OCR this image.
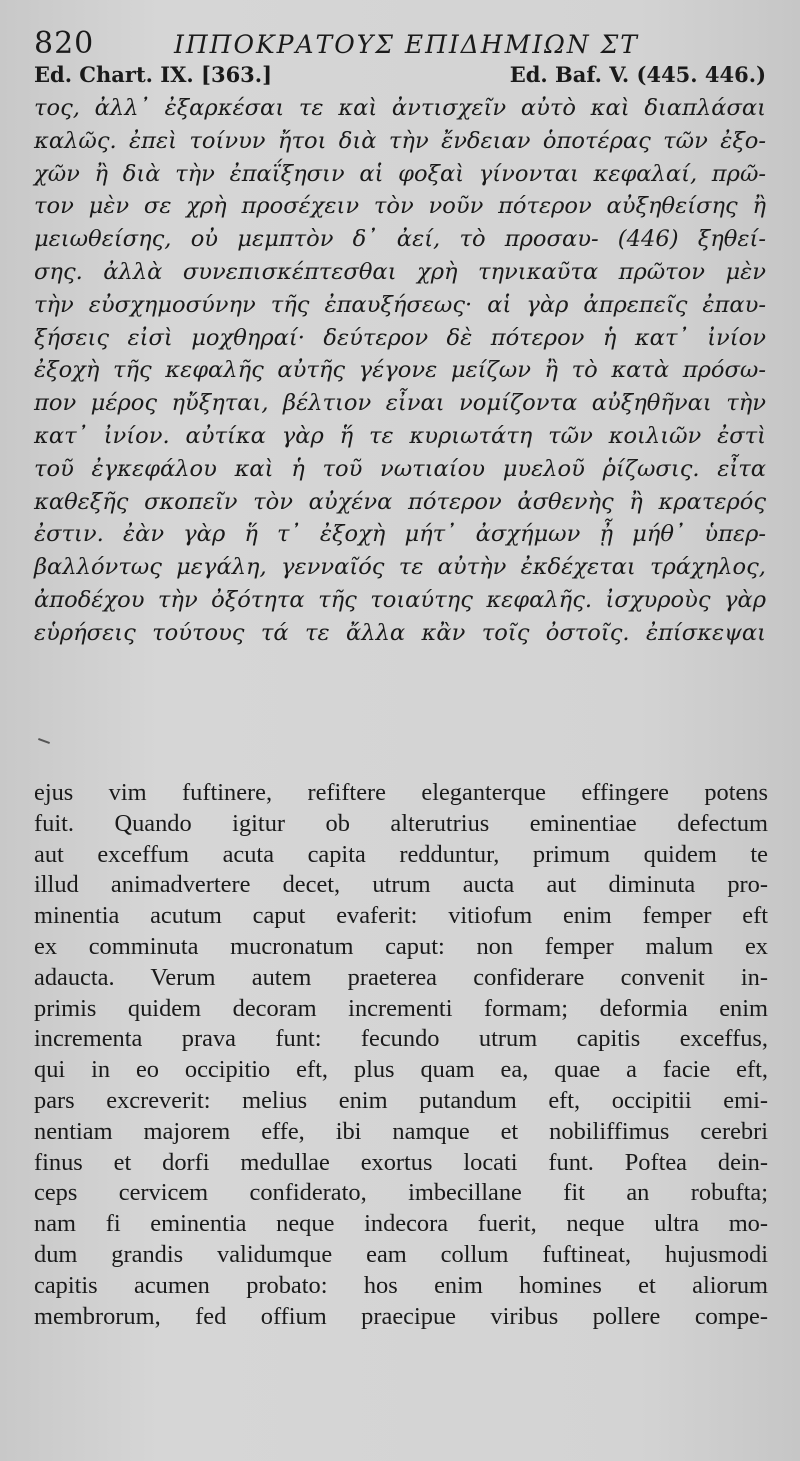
820	ΙΠΠΟΚΡΑΤΟΥΣ ΕΠΙΔΗΜΙΩΝ ΣΤ
Ed. Chart. IX. [363.]	Ed. Baf. V. (445. 446.)
τος, ἀλλ᾽ ἐξαρκέσαι τε καὶ ἀντισχεῖν αὐτὸ καὶ διαπλάσαι
καλῶς. ἐπεὶ τοίνυν ἤτοι διὰ τὴν ἔνδειαν ὁποτέρας τῶν ἐξο-
χῶν ἢ διὰ τὴν ἐπαΐξησιν αἱ φοξαὶ γίνονται κεφαλαί, πρῶ-
τον μὲν σε χρὴ προσέχειν τὸν νοῦν πότερον αὐξηθείσης ἢ
μειωθείσης, οὐ μεμπτὸν δ᾽ ἀεί, τὸ προσαυ- (446) ξηθεί-
σης. ἀλλὰ συνεπισκέπτεσθαι χρὴ τηνικαῦτα πρῶτον μὲν
τὴν εὐσχημοσύνην τῆς ἐπαυξήσεως· αἱ γὰρ ἀπρεπεῖς ἐπαυ-
ξήσεις εἰσὶ μοχθηραί· δεύτερον δὲ πότερον ἡ κατ᾽ ἰνίον
ἐξοχὴ τῆς κεφαλῆς αὐτῆς γέγονε μείζων ἢ τὸ κατὰ πρόσω-
πον μέρος ηὔξηται, βέλτιον εἶναι νομίζοντα αὐξηθῆναι τὴν
κατ᾽ ἰνίον. αὐτίκα γὰρ ἥ τε κυριωτάτη τῶν κοιλιῶν ἐστὶ
τοῦ ἐγκεφάλου καὶ ἡ τοῦ νωτιαίου μυελοῦ ῥίζωσις. εἶτα
καθεξῆς σκοπεῖν τὸν αὐχένα πότερον ἀσθενὴς ἢ κρατερός
ἐστιν. ἐὰν γὰρ ἥ τ᾽ ἐξοχὴ μήτ᾽ ἀσχήμων ᾖ μήθ᾽ ὑπερ-
βαλλόντως μεγάλη, γενναῖός τε αὐτὴν ἐκδέχεται τράχηλος,
ἀποδέχου τὴν ὀξότητα τῆς τοιαύτης κεφαλῆς. ἰσχυροὺς γὰρ
εὑρήσεις τούτους τά τε ἄλλα κἂν τοῖς ὀστοῖς. ἐπίσκεψαι
ejus vim fuftinere, refiftere eleganterque effingere potens
fuit. Quando igitur ob alterutrius eminentiae defectum
aut exceffum acuta capita redduntur, primum quidem te
illud animadvertere decet, utrum aucta aut diminuta pro-
minentia acutum caput evaferit: vitiofum enim femper eft
ex comminuta mucronatum caput: non femper malum ex
adaucta. Verum autem praeterea confiderare convenit in-
primis quidem decoram incrementi formam; deformia enim
incrementa prava funt: fecundo utrum capitis exceffus,
qui in eo occipitio eft, plus quam ea, quae a facie eft,
pars excreverit: melius enim putandum eft, occipitii emi-
nentiam majorem effe, ibi namque et nobiliffimus cerebri
finus et dorfi medullae exortus locati funt. Poftea dein-
ceps cervicem confiderato, imbecillane fit an robufta;
nam fi eminentia neque indecora fuerit, neque ultra mo-
dum grandis validumque eam collum fuftineat, hujusmodi
capitis acumen probato: hos enim homines et aliorum
membrorum, fed offium praecipue viribus pollere compe-
